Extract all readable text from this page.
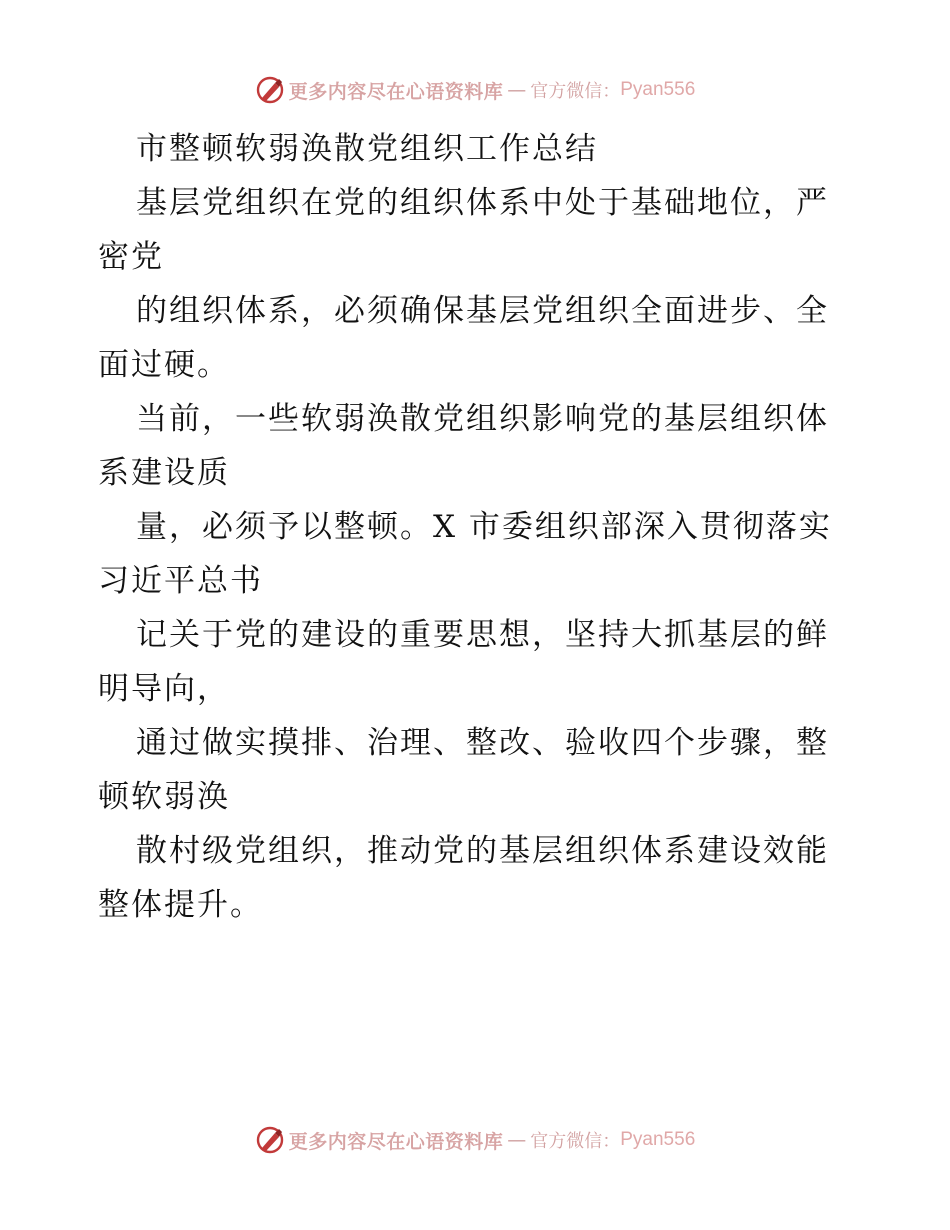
更多内容尽在心语资料库 — 官方微信： Pyan556
市整顿软弱涣散党组织工作总结
基层党组织在党的组织体系中处于基础地位，严
密党
的组织体系，必须确保基层党组织全面进步、全
面过硬。
当前，一些软弱涣散党组织影响党的基层组织体
系建设质
量，必须予以整顿。X 市委组织部深入贯彻落实
习近平总书
记关于党的建设的重要思想，坚持大抓基层的鲜
明导向，
通过做实摸排、治理、整改、验收四个步骤，整
顿软弱涣
散村级党组织，推动党的基层组织体系建设效能
整体提升。
更多内容尽在心语资料库 — 官方微信： Pyan556
